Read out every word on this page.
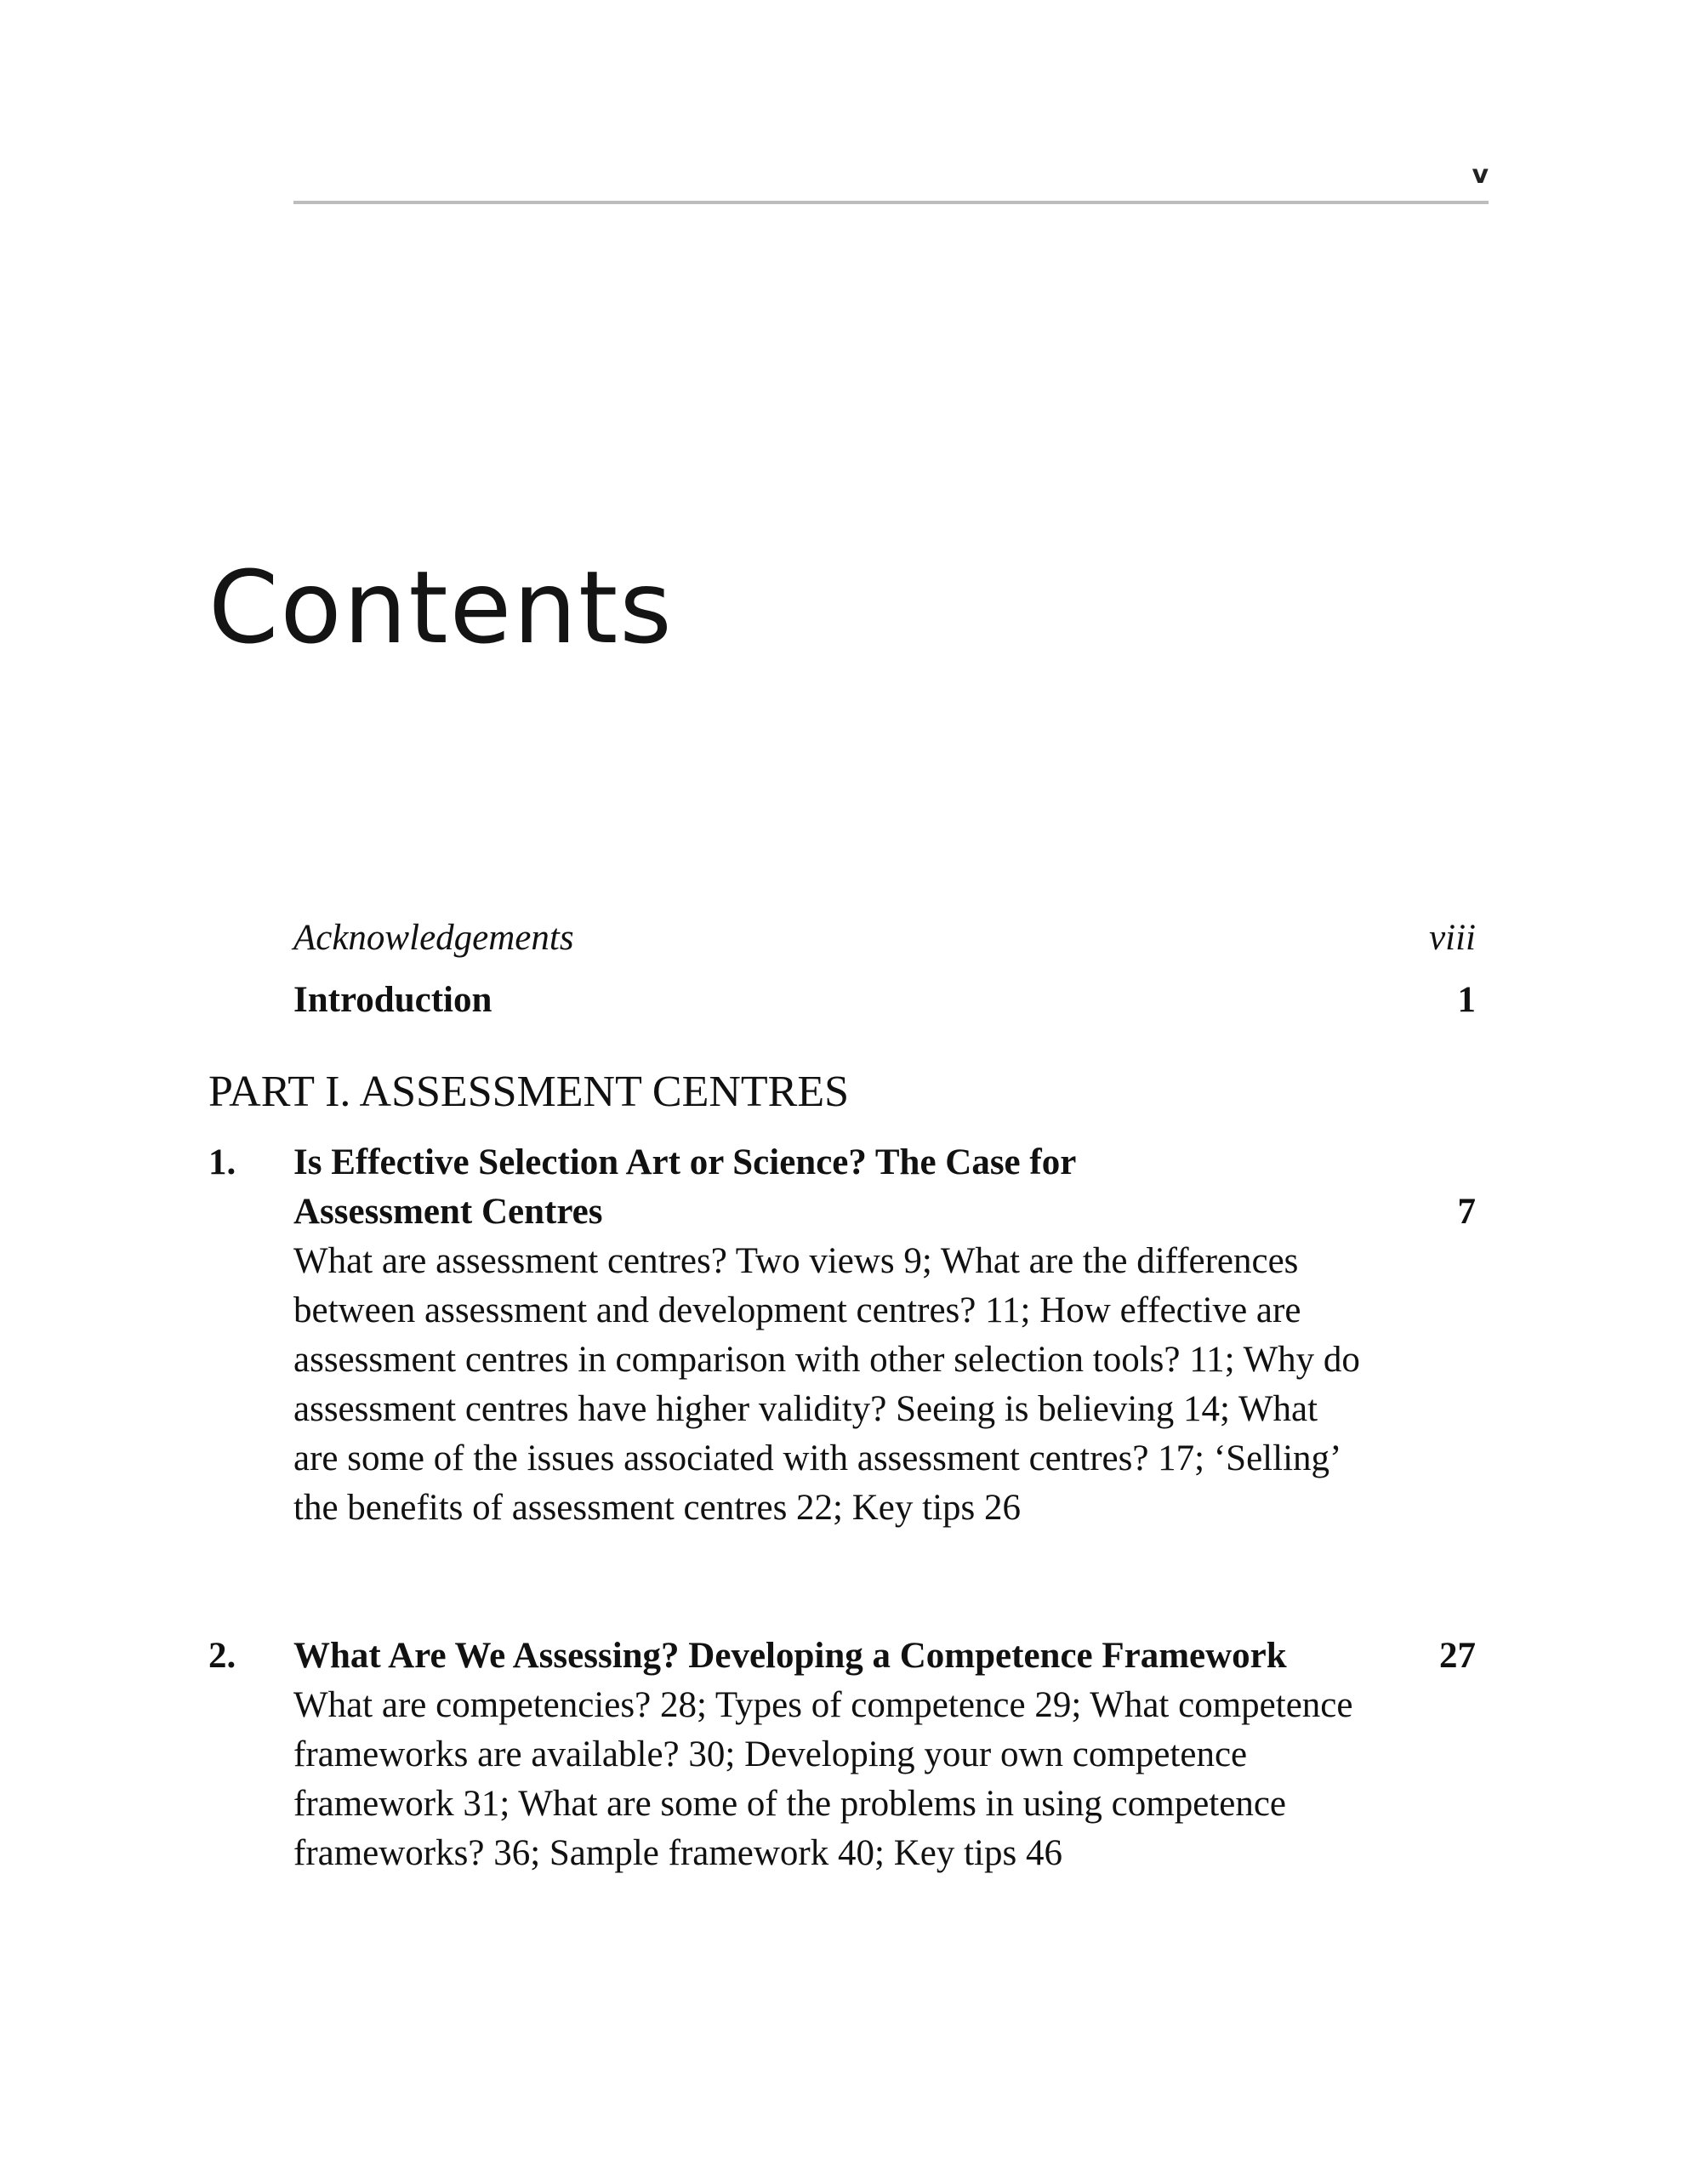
v
Contents
Acknowledgements	viii
Introduction	1
PART I. ASSESSMENT CENTRES
1. Is Effective Selection Art or Science? The Case for
Assessment Centres	7
What are assessment centres? Two views 9; What are the differences between assessment and development centres? 11; How effective are assessment centres in comparison with other selection tools? 11; Why do assessment centres have higher validity? Seeing is believing 14; What are some of the issues associated with assessment centres? 17; ‘Selling’ the benefits of assessment centres 22; Key tips 26
2. What Are We Assessing? Developing a Competence Framework	27
What are competencies? 28; Types of competence 29; What competence frameworks are available? 30; Developing your own competence framework 31; What are some of the problems in using competence frameworks? 36; Sample framework 40; Key tips 46
